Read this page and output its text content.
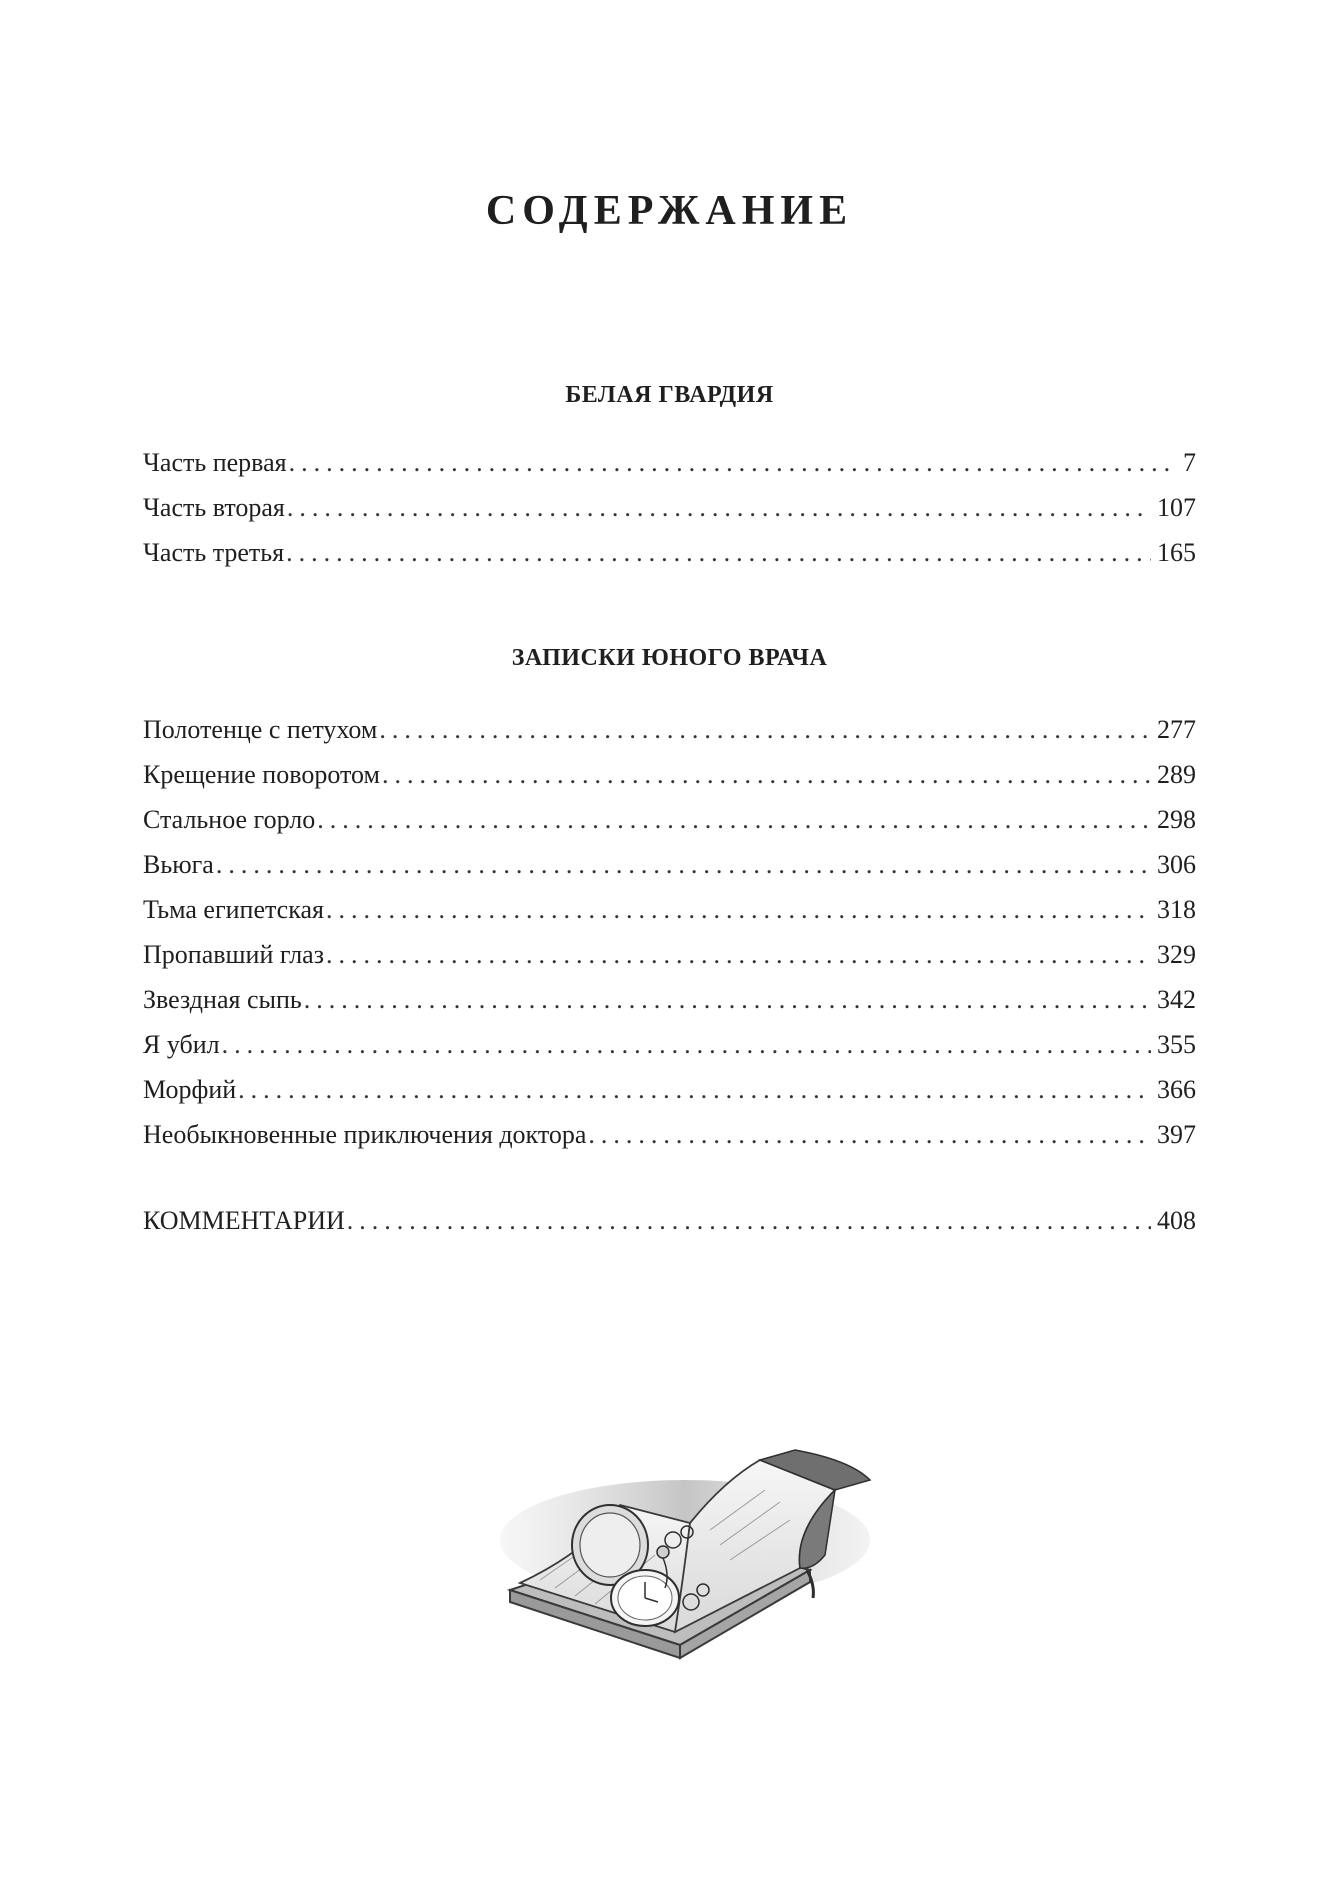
СОДЕРЖАНИЕ
БЕЛАЯ ГВАРДИЯ
Часть первая .....	7
Часть вторая .....	107
Часть третья .....	165
ЗАПИСКИ ЮНОГО ВРАЧА
Полотенце с петухом .....	277
Крещение поворотом .....	289
Стальное горло .....	298
Вьюга .....	306
Тьма египетская .....	318
Пропавший глаз .....	329
Звездная сыпь .....	342
Я убил .....	355
Морфий .....	366
Необыкновенные приключения доктора .....	397
КОММЕНТАРИИ .....	408
